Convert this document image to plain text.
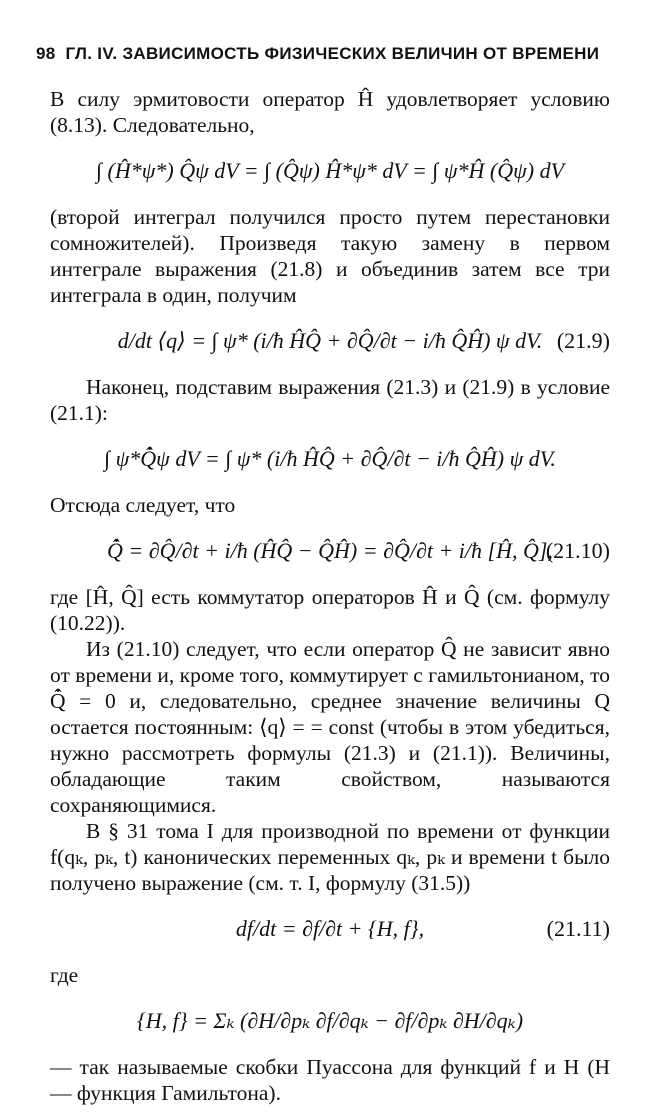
98 ГЛ. IV. ЗАВИСИМОСТЬ ФИЗИЧЕСКИХ ВЕЛИЧИН ОТ ВРЕМЕНИ

В силу эрмитовости оператор Ĥ удовлетворяет условию (8.13). Следовательно,

∫ (Ĥ*ψ*) Q̂ψ dV = ∫ (Q̂ψ) Ĥ*ψ* dV = ∫ ψ*Ĥ (Q̂ψ) dV

(второй интеграл получился просто путем перестановки сомножителей). Произведя такую замену в первом интеграле выражения (21.8) и объединив затем все три интеграла в один, получим

d/dt ⟨q⟩ = ∫ ψ* (i/ħ ĤQ̂ + ∂Q̂/∂t − i/ħ Q̂Ĥ) ψ dV. (21.9)

Наконец, подставим выражения (21.3) и (21.9) в условие (21.1):

∫ ψ*Q̂̇ψ dV = ∫ ψ* (i/ħ ĤQ̂ + ∂Q̂/∂t − i/ħ Q̂Ĥ) ψ dV.

Отсюда следует, что

Q̂̇ = ∂Q̂/∂t + i/ħ (ĤQ̂ − Q̂Ĥ) = ∂Q̂/∂t + i/ħ [Ĥ, Q̂],
(21.10)

где [Ĥ, Q̂] есть коммутатор операторов Ĥ и Q̂ (см. формулу (10.22)).

Из (21.10) следует, что если оператор Q̂ не зависит явно от времени и, кроме того, коммутирует с гамильтонианом, то Q̂̇ = 0 и, следовательно, среднее значение величины Q остается постоянным: ⟨q⟩ = = const (чтобы в этом убедиться, нужно рассмотреть формулы (21.3) и (21.1)). Величины, обладающие таким свойством, называются сохраняющимися.

В § 31 тома I для производной по времени от функции f(qₖ, pₖ, t) канонических переменных qₖ, pₖ и времени t было получено выражение (см. т. I, формулу (31.5))

df/dt = ∂f/∂t + {H, f},	(21.11)

где

{H, f} = Σₖ (∂H/∂pₖ ∂f/∂qₖ − ∂f/∂pₖ ∂H/∂qₖ)

— так называемые скобки Пуассона для функций f и H (H — функция Гамильтона).
